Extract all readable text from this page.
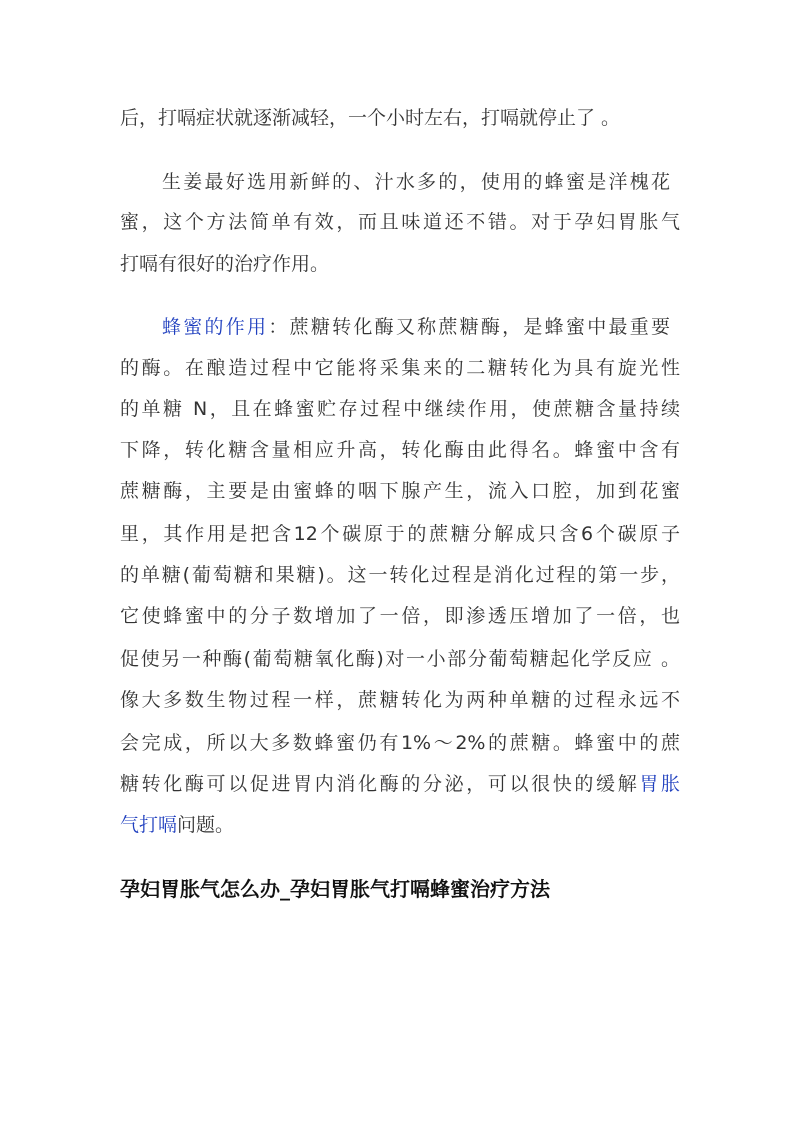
后，打嗝症状就逐渐减轻，一个小时左右，打嗝就停止了 。
生姜最好选用新鲜的、汁水多的，使用的蜂蜜是洋槐花
蜜，这个方法简单有效，而且味道还不错。对于孕妇胃胀气
打嗝有很好的治疗作用。
蜂蜜的作用：蔗糖转化酶又称蔗糖酶，是蜂蜜中最重要
的酶。在酿造过程中它能将采集来的二糖转化为具有旋光性
的单糖 N，且在蜂蜜贮存过程中继续作用，使蔗糖含量持续
下降，转化糖含量相应升高，转化酶由此得名。蜂蜜中含有
蔗糖酶，主要是由蜜蜂的咽下腺产生，流入口腔，加到花蜜
里，其作用是把含12个碳原于的蔗糖分解成只含6个碳原子
的单糖(葡萄糖和果糖)。这一转化过程是消化过程的第一步，
它使蜂蜜中的分子数增加了一倍，即渗透压增加了一倍，也
促使另一种酶(葡萄糖氧化酶)对一小部分葡萄糖起化学反应 。
像大多数生物过程一样，蔗糖转化为两种单糖的过程永远不
会完成，所以大多数蜂蜜仍有1%～2%的蔗糖。蜂蜜中的蔗
糖转化酶可以促进胃内消化酶的分泌，可以很快的缓解胃胀
气打嗝问题。
孕妇胃胀气怎么办_孕妇胃胀气打嗝蜂蜜治疗方法
